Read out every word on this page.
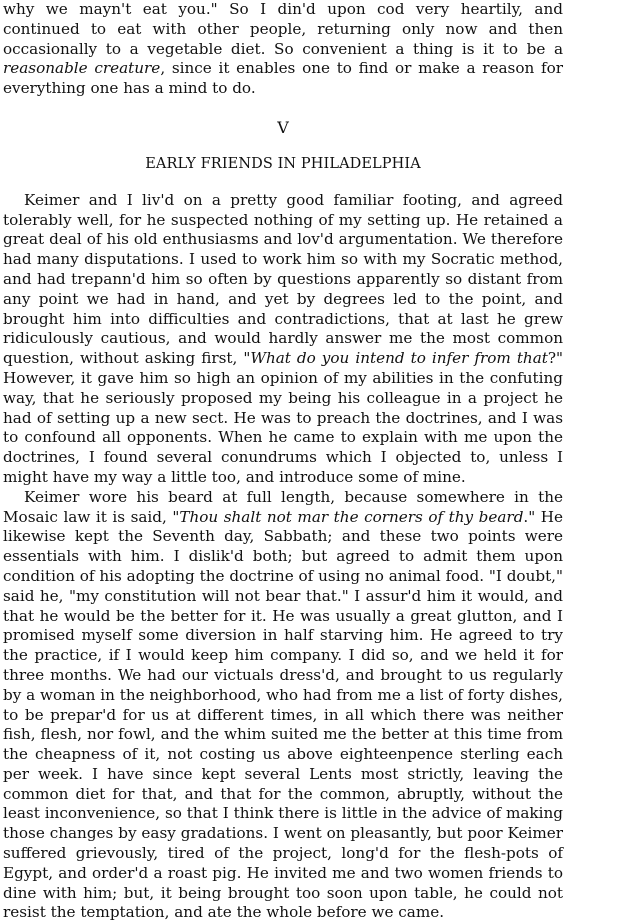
why we mayn't eat you." So I din'd upon cod very heartily, and continued to eat with other people, returning only now and then occasionally to a vegetable diet. So convenient a thing is it to be a reasonable creature, since it enables one to find or make a reason for everything one has a mind to do.

V
EARLY FRIENDS IN PHILADELPHIA

Keimer and I liv'd on a pretty good familiar footing, and agreed tolerably well, for he suspected nothing of my setting up. He retained a great deal of his old enthusiasms and lov'd argumentation. We therefore had many disputations. I used to work him so with my Socratic method, and had trepann'd him so often by questions apparently so distant from any point we had in hand, and yet by degrees led to the point, and brought him into difficulties and contradictions, that at last he grew ridiculously cautious, and would hardly answer me the most common question, without asking first, "What do you intend to infer from that?" However, it gave him so high an opinion of my abilities in the confuting way, that he seriously proposed my being his colleague in a project he had of setting up a new sect. He was to preach the doctrines, and I was to confound all opponents. When he came to explain with me upon the doctrines, I found several conundrums which I objected to, unless I might have my way a little too, and introduce some of mine.

Keimer wore his beard at full length, because somewhere in the Mosaic law it is said, "Thou shalt not mar the corners of thy beard." He likewise kept the Seventh day, Sabbath; and these two points were essentials with him. I dislik'd both; but agreed to admit them upon condition of his adopting the doctrine of using no animal food. "I doubt," said he, "my constitution will not bear that." I assur'd him it would, and that he would be the better for it. He was usually a great glutton, and I promised myself some diversion in half starving him. He agreed to try the practice, if I would keep him company. I did so, and we held it for three months. We had our victuals dress'd, and brought to us regularly by a woman in the neighborhood, who had from me a list of forty dishes, to be prepar'd for us at different times, in all which there was neither fish, flesh, nor fowl, and the whim suited me the better at this time from the cheapness of it, not costing us above eighteenpence sterling each per week. I have since kept several Lents most strictly, leaving the common diet for that, and that for the common, abruptly, without the least inconvenience, so that I think there is little in the advice of making those changes by easy gradations. I went on pleasantly, but poor Keimer suffered grievously, tired of the project, long'd for the flesh-pots of Egypt, and order'd a roast pig. He invited me and two women friends to dine with him; but, it being brought too soon upon table, he could not resist the temptation, and ate the whole before we came.
